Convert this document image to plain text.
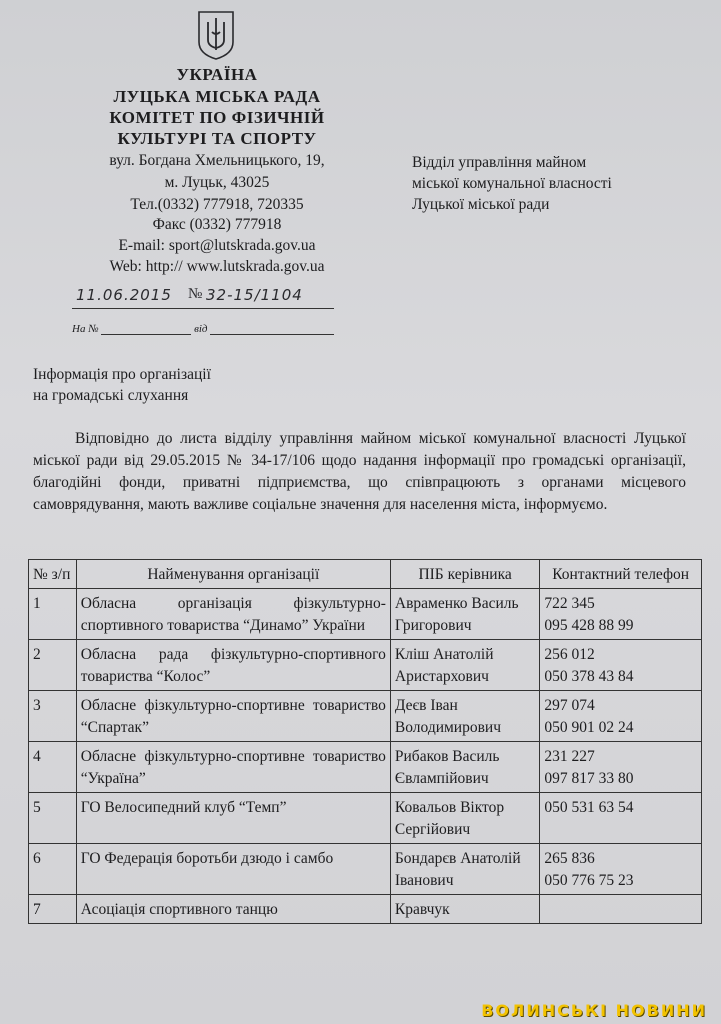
УКРАЇНА
ЛУЦЬКА МІСЬКА РАДА
КОМІТЕТ ПО ФІЗИЧНІЙ
КУЛЬТУРІ ТА СПОРТУ
вул. Богдана Хмельницького, 19,
м. Луцьк, 43025
Тел.(0332) 777918, 720335
Факс (0332) 777918
E-mail: sport@lutskrada.gov.ua
Web: http:// www.lutskrada.gov.ua
11.06.2015 № 32-15/1104
На №	від
Відділ управління майном
міської комунальної власності
Луцької міської ради
Інформація про організації
на громадські слухання
Відповідно до листа відділу управління майном міської комунальної власності Луцької міської ради від 29.05.2015 № 34-17/106 щодо надання інформації про громадські організації, благодійні фонди, приватні підприємства, що співпрацюють з органами місцевого самоврядування, мають важливе соціальне значення для населення міста, інформуємо.
№ з/п	Найменування організації	ПІБ керівника	Контактний телефон
1	Обласна організація фізкультурно-спортивного товариства “Динамо” України	Авраменко Василь Григорович	722 345
095 428 88 99
2	Обласна рада фізкультурно-спортивного товариства “Колос”	Кліш Анатолій Аристархович	256 012
050 378 43 84
3	Обласне фізкультурно-спортивне товариство “Спартак”	Деєв Іван Володимирович	297 074
050 901 02 24
4	Обласне фізкультурно-спортивне товариство “Україна”	Рибаков Василь Євлампійович	231 227
097 817 33 80
5	ГО Велосипедний клуб “Темп”	Ковальов Віктор Сергійович	050 531 63 54
6	ГО Федерація боротьби дзюдо і самбо	Бондарєв Анатолій Іванович	265 836
050 776 75 23
7	Асоціація спортивного танцю	Кравчук	
ВОЛИНСЬКІ НОВИНИ
